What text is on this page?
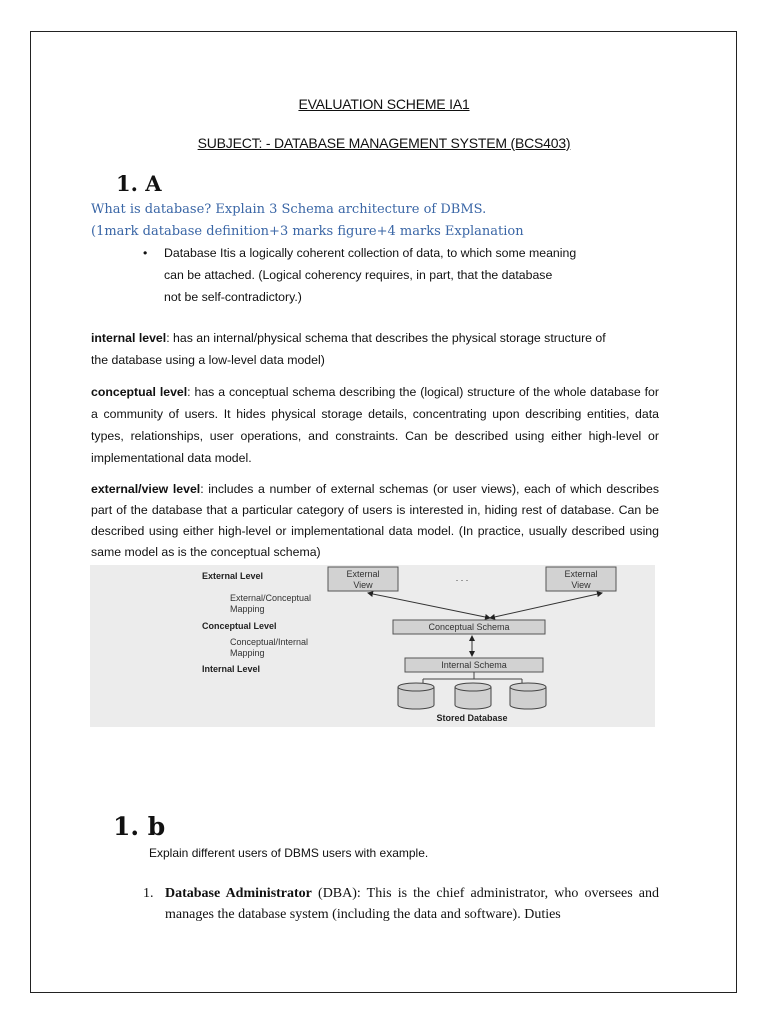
EVALUATION SCHEME IA1
SUBJECT: - DATABASE MANAGEMENT SYSTEM (BCS403)
1. A
What is database? Explain 3 Schema architecture of DBMS.
(1mark database definition+3 marks figure+4 marks Explanation
• Database Itis a logically coherent collection of data, to which some meaning
can be attached. (Logical coherency requires, in part, that the database
not be self-contradictory.)
internal level: has an internal/physical schema that describes the physical storage structure of the database using a low-level data model)
conceptual level: has a conceptual schema describing the (logical) structure of the whole database for a community of users. It hides physical storage details, concentrating upon describing entities, data types, relationships, user operations, and constraints. Can be described using either high-level or implementational data model.
external/view level: includes a number of external schemas (or user views), each of which describes part of the database that a particular category of users is interested in, hiding rest of database. Can be described using either high-level or implementational data model. (In practice, usually described using same model as is the conceptual schema)
External Level
External/Conceptual
Mapping
Conceptual Level
Conceptual/Internal
Mapping
Internal Level
External
View
. . .	External
View
Conceptual Schema
Internal Schema
Stored Database
1. b
Explain different users of DBMS users with example.
1. Database Administrator (DBA): This is the chief administrator, who oversees and manages the database system (including the data and software). Duties
